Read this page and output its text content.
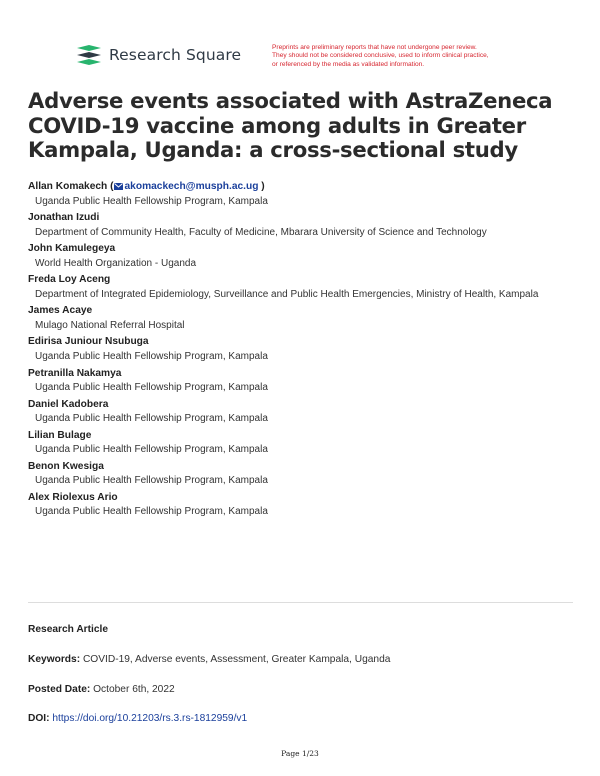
Research Square	Preprints are preliminary reports that have not undergone peer review.
They should not be considered conclusive, used to inform clinical practice,
or referenced by the media as validated information.
Adverse events associated with AstraZeneca COVID-19 vaccine among adults in Greater Kampala, Uganda: a cross-sectional study
Allan Komakech ( akomackech@musph.ac.ug )
Uganda Public Health Fellowship Program, Kampala
Jonathan Izudi
Department of Community Health, Faculty of Medicine, Mbarara University of Science and Technology
John Kamulegeya
World Health Organization - Uganda
Freda Loy Aceng
Department of Integrated Epidemiology, Surveillance and Public Health Emergencies, Ministry of Health, Kampala
James Acaye
Mulago National Referral Hospital
Edirisa Juniour Nsubuga
Uganda Public Health Fellowship Program, Kampala
Petranilla Nakamya
Uganda Public Health Fellowship Program, Kampala
Daniel Kadobera
Uganda Public Health Fellowship Program, Kampala
Lilian Bulage
Uganda Public Health Fellowship Program, Kampala
Benon Kwesiga
Uganda Public Health Fellowship Program, Kampala
Alex Riolexus Ario
Uganda Public Health Fellowship Program, Kampala
Research Article
Keywords: COVID-19, Adverse events, Assessment, Greater Kampala, Uganda
Posted Date: October 6th, 2022
DOI: https://doi.org/10.21203/rs.3.rs-1812959/v1
Page 1/23
